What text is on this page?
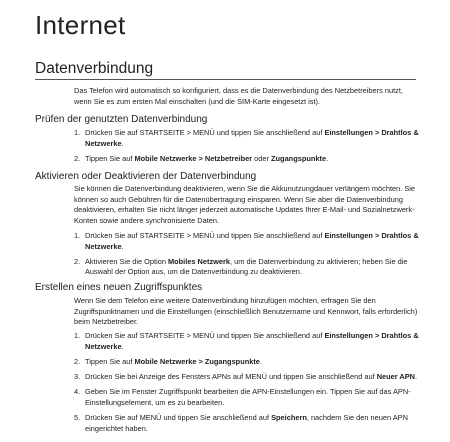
Internet
Datenverbindung
Das Telefon wird automatisch so konfiguriert, dass es die Datenverbindung des Netzbetreibers nutzt, wenn Sie es zum ersten Mal einschalten (und die SIM-Karte eingesetzt ist).
Prüfen der genutzten Datenverbindung
1. Drücken Sie auf STARTSEITE > MENÜ und tippen Sie anschließend auf Einstellungen > Drahtlos & Netzwerke.
2. Tippen Sie auf Mobile Netzwerke > Netzbetreiber oder Zugangspunkte.
Aktivieren oder Deaktivieren der Datenverbindung
Sie können die Datenverbindung deaktivieren, wenn Sie die Akkunutzungdauer verlängern möchten. Sie können so auch Gebühren für die Datenübertragung einsparen. Wenn Sie aber die Datenverbindung deaktivieren, erhalten Sie nicht länger jederzeit automatische Updates Ihrer E-Mail- und Sozialnetzwerk-Konten sowie andere synchronisierte Daten.
1. Drücken Sie auf STARTSEITE > MENÜ und tippen Sie anschließend auf Einstellungen > Drahtlos & Netzwerke.
2. Aktivieren Sie die Option Mobiles Netzwerk, um die Datenverbindung zu aktivieren; heben Sie die Auswahl der Option aus, um die Datenverbindung zu deaktivieren.
Erstellen eines neuen Zugriffspunktes
Wenn Sie dem Telefon eine weitere Datenverbindung hinzufügen möchten, erfragen Sie den Zugriffspunktnamen und die Einstellungen (einschließlich Benutzername und Kennwort, falls erforderlich) beim Netzbetreiber.
1. Drücken Sie auf STARTSEITE > MENÜ und tippen Sie anschließend auf Einstellungen > Drahtlos & Netzwerke.
2. Tippen Sie auf Mobile Netzwerke > Zugangspunkte.
3. Drücken Sie bei Anzeige des Fensters APNs auf MENÜ und tippen Sie anschließend auf Neuer APN.
4. Geben Sie im Fenster Zugriffspunkt bearbeiten die APN-Einstellungen ein. Tippen Sie auf das APN-Einstellungselement, um es zu bearbeiten.
5. Drücken Sie auf MENÜ und tippen Sie anschließend auf Speichern, nachdem Sie den neuen APN eingerichtet haben.
